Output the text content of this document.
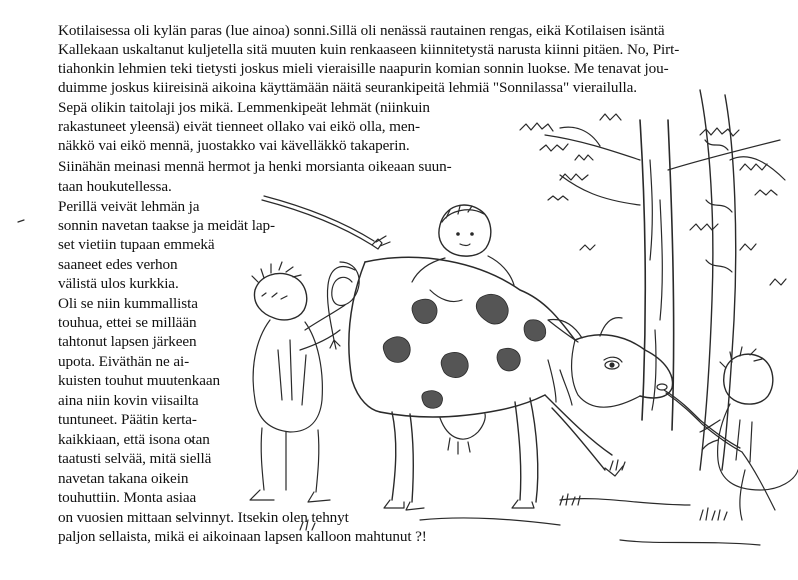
Kotilaisessa oli kylän paras (lue ainoa) sonni.Sillä oli nenässä rautainen rengas, eikä Kotilaisen isäntä
Kallekaan uskaltanut kuljetella sitä muuten kuin renkaaseen kiinnitetystä narusta kiinni pitäen. No, Pirt-
tiahonkin lehmien teki tietysti joskus mieli vieraisille naapurin komian sonnin luokse. Me tenavat jou-
duimme joskus kiireisinä aikoina käyttämään näitä seurankipeitä lehmiä "Sonnilassa" vierailulla.
Sepä olikin taitolaji jos mikä. Lemmenkipeät lehmät (niinkuin
rakastuneet yleensä) eivät tienneet ollako vai eikö olla, men-
näkkö vai eikö mennä, juostakko vai kävelläkkö takaperin.
Siinähän meinasi mennä hermot ja henki morsianta oikeaan suun-
taan houkutellessa.
Perillä veivät lehmän ja
sonnin navetan taakse ja meidät lap-
set vietiin tupaan emmekä
saaneet edes verhon
välistä ulos kurkkia.
Oli se niin kummallista
touhua, ettei se millään
tahtonut lapsen järkeen
upota. Eiväthän ne ai-
kuisten touhut muutenkaan
aina niin kovin viisailta
tuntuneet. Päätin kerta-
kaikkiaan, että isona otan
taatusti selvää, mitä siellä
navetan takana oikein
touhuttiin. Monta asiaa
on vuosien mittaan selvinnyt. Itsekin olen tehnyt
paljon sellaista, mikä ei aikoinaan lapsen kalloon mahtunut ?!
